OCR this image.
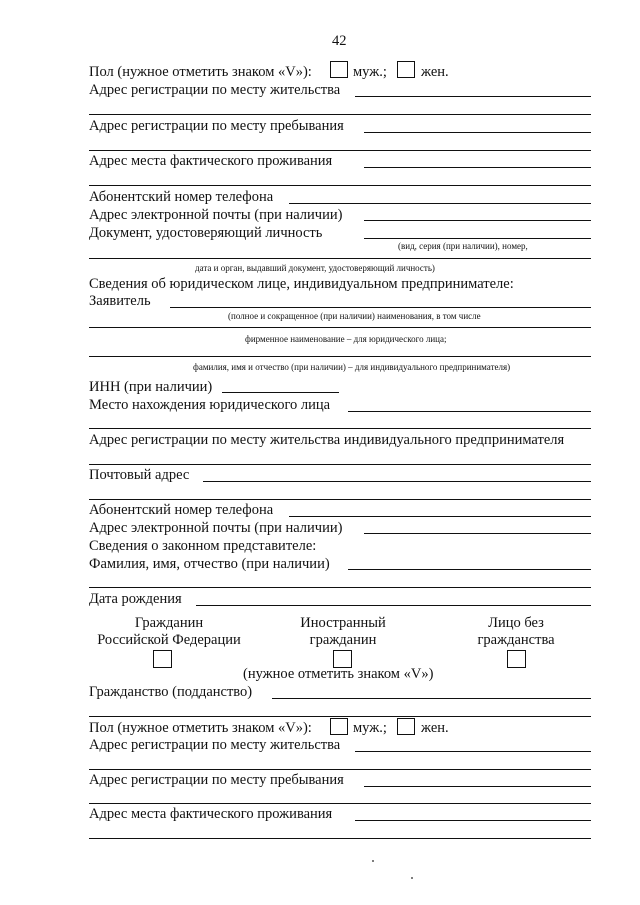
42
Пол (нужное отметить знаком «V»):	муж.; жен.
Адрес регистрации по месту жительства
Адрес регистрации по месту пребывания
Адрес места фактического проживания
Абонентский номер телефона
Адрес электронной почты (при наличии)
Документ, удостоверяющий личность
(вид, серия (при наличии), номер,
дата и орган, выдавший документ, удостоверяющий личность)
Сведения об юридическом лице, индивидуальном предпринимателе:
Заявитель
(полное и сокращенное (при наличии) наименования, в том числе
фирменное наименование – для юридического лица;
фамилия, имя и отчество (при наличии) – для индивидуального предпринимателя)
ИНН (при наличии)
Место нахождения юридического лица
Адрес регистрации по месту жительства индивидуального предпринимателя
Почтовый адрес
Абонентский номер телефона
Адрес электронной почты (при наличии)
Сведения о законном представителе:
Фамилия, имя, отчество (при наличии)
Дата рождения
Гражданин
Российской Федерации
Иностранный
гражданин
Лицо без
гражданства
(нужное отметить знаком «V»)
Гражданство (подданство)
Пол (нужное отметить знаком «V»):	муж.; жен.
Адрес регистрации по месту жительства
Адрес регистрации по месту пребывания
Адрес места фактического проживания
